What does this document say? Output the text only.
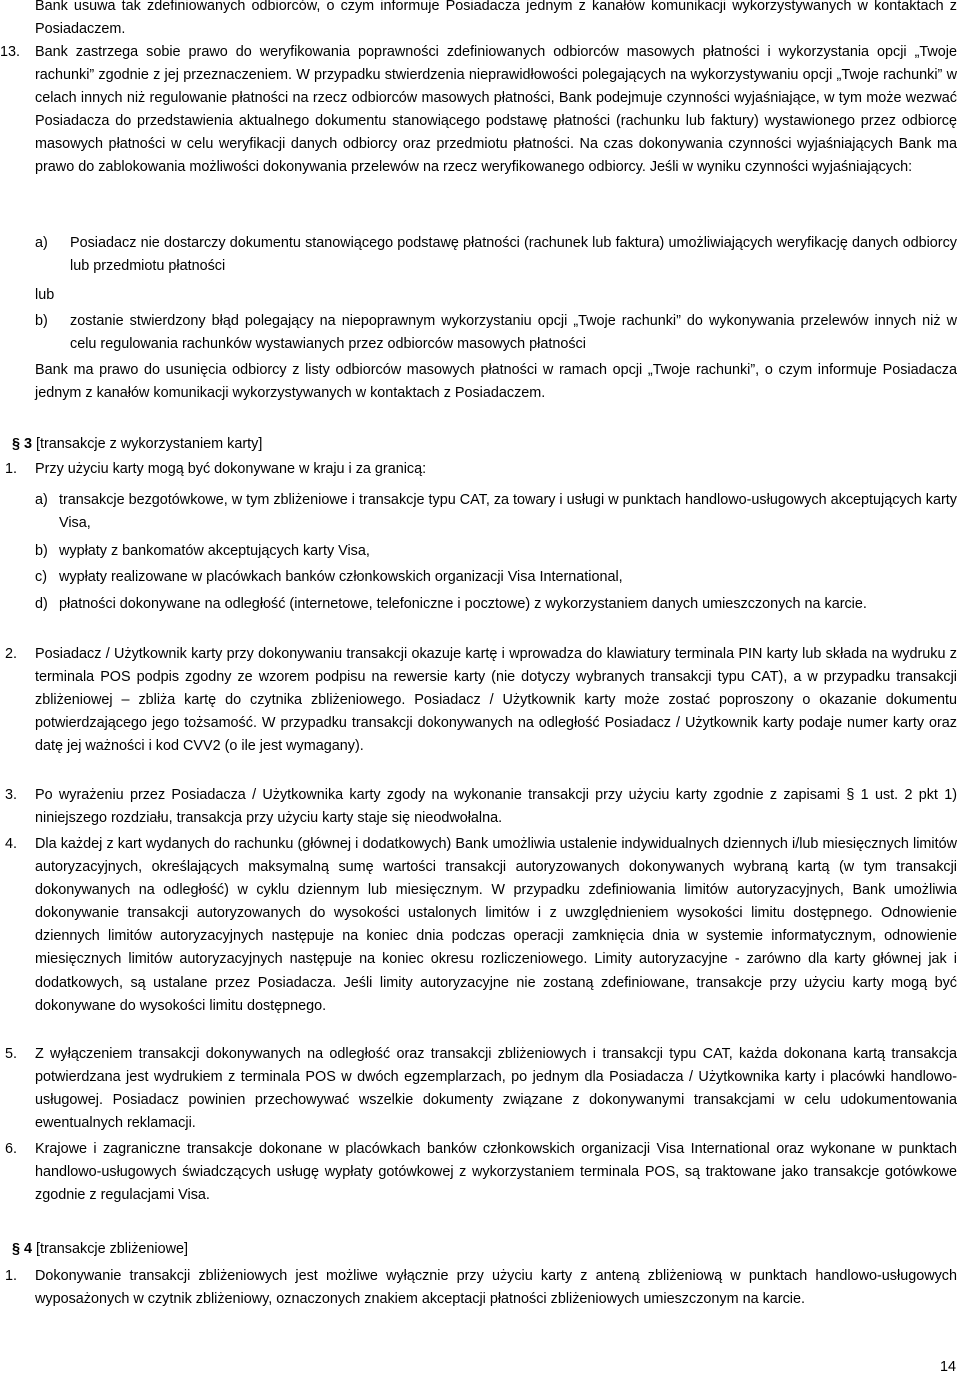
Bank usuwa tak zdefiniowanych odbiorców, o czym informuje Posiadacza jednym z kanałów komunikacji wykorzystywanych w kontaktach z Posiadaczem.

13.	Bank zastrzega sobie prawo do weryfikowania poprawności zdefiniowanych odbiorców masowych płatności i wykorzystania opcji „Twoje rachunki” zgodnie z jej przeznaczeniem. W przypadku stwierdzenia nieprawidłowości polegających na wykorzystywaniu opcji „Twoje rachunki” w celach innych niż regulowanie płatności na rzecz odbiorców masowych płatności, Bank podejmuje czynności wyjaśniające, w tym może wezwać Posiadacza do przedstawienia aktualnego dokumentu stanowiącego podstawę płatności (rachunku lub faktury) wystawionego przez odbiorcę masowych płatności w celu weryfikacji danych odbiorcy oraz przedmiotu płatności. Na czas dokonywania czynności wyjaśniających Bank ma prawo do zablokowania możliwości dokonywania przelewów na rzecz weryfikowanego odbiorcy. Jeśli w wyniku czynności wyjaśniających:

a)	Posiadacz nie dostarczy dokumentu stanowiącego podstawę płatności (rachunek lub faktura) umożliwiających weryfikację danych odbiorcy lub przedmiotu płatności

lub
b)	zostanie stwierdzony błąd polegający na niepoprawnym wykorzystaniu opcji „Twoje rachunki” do wykonywania przelewów innych niż w celu regulowania rachunków wystawianych przez odbiorców masowych płatności

Bank ma prawo do usunięcia odbiorcy z listy odbiorców masowych płatności w ramach opcji „Twoje rachunki”, o czym informuje Posiadacza jednym z kanałów komunikacji wykorzystywanych w kontaktach z Posiadaczem.

§ 3 [transakcje z wykorzystaniem karty]
1.	Przy użyciu karty mogą być dokonywane w kraju i za granicą:

a) transakcje bezgotówkowe, w tym zbliżeniowe i transakcje typu CAT, za towary i usługi w punktach handlowo-usługowych akceptujących karty Visa,

b) wypłaty z bankomatów akceptujących karty Visa,

c) wypłaty realizowane w placówkach banków członkowskich organizacji Visa International,

d) płatności dokonywane na odległość (internetowe, telefoniczne i pocztowe) z wykorzystaniem danych umieszczonych na karcie.

2.	Posiadacz / Użytkownik karty przy dokonywaniu transakcji okazuje kartę i wprowadza do klawiatury terminala PIN karty lub składa na wydruku z terminala POS podpis zgodny ze wzorem podpisu na rewersie karty (nie dotyczy wybranych transakcji typu CAT), a w przypadku transakcji zbliżeniowej – zbliża kartę do czytnika zbliżeniowego. Posiadacz / Użytkownik karty może zostać poproszony o okazanie dokumentu potwierdzającego jego tożsamość. W przypadku transakcji dokonywanych na odległość Posiadacz / Użytkownik karty podaje numer karty oraz datę jej ważności i kod CVV2 (o ile jest wymagany).

3.	Po wyrażeniu przez Posiadacza / Użytkownika karty zgody na wykonanie transakcji przy użyciu karty zgodnie z zapisami § 1 ust. 2 pkt 1) niniejszego rozdziału, transakcja przy użyciu karty staje się nieodwołalna.

4.	Dla każdej z kart wydanych do rachunku (głównej i dodatkowych) Bank umożliwia ustalenie indywidualnych dziennych i/lub miesięcznych limitów autoryzacyjnych, określających maksymalną sumę wartości transakcji autoryzowanych dokonywanych wybraną kartą (w tym transakcji dokonywanych na odległość) w cyklu dziennym lub miesięcznym. W przypadku zdefiniowania limitów autoryzacyjnych, Bank umożliwia dokonywanie transakcji autoryzowanych do wysokości ustalonych limitów i z uwzględnieniem wysokości limitu dostępnego. Odnowienie dziennych limitów autoryzacyjnych następuje na koniec dnia podczas operacji zamknięcia dnia w systemie informatycznym, odnowienie miesięcznych limitów autoryzacyjnych następuje na koniec okresu rozliczeniowego. Limity autoryzacyjne - zarówno dla karty głównej jak i dodatkowych, są ustalane przez Posiadacza. Jeśli limity autoryzacyjne nie zostaną zdefiniowane, transakcje przy użyciu karty mogą być dokonywane do wysokości limitu dostępnego.

5.	Z wyłączeniem transakcji dokonywanych na odległość oraz transakcji zbliżeniowych i transakcji typu CAT, każda dokonana kartą transakcja potwierdzana jest wydrukiem z terminala POS w dwóch egzemplarzach, po jednym dla Posiadacza / Użytkownika karty i placówki handlowo-usługowej. Posiadacz powinien przechowywać wszelkie dokumenty związane z dokonywanymi transakcjami w celu udokumentowania ewentualnych reklamacji.

6.	Krajowe i zagraniczne transakcje dokonane w placówkach banków członkowskich organizacji Visa International oraz wykonane w punktach handlowo-usługowych świadczących usługę wypłaty gotówkowej z wykorzystaniem terminala POS, są traktowane jako transakcje gotówkowe zgodnie z regulacjami Visa.

§ 4 [transakcje zbliżeniowe]
1.	Dokonywanie transakcji zbliżeniowych jest możliwe wyłącznie przy użyciu karty z anteną zbliżeniową w punktach handlowo-usługowych wyposażonych w czytnik zbliżeniowy, oznaczonych znakiem akceptacji płatności zbliżeniowych umieszczonym na karcie.

14
